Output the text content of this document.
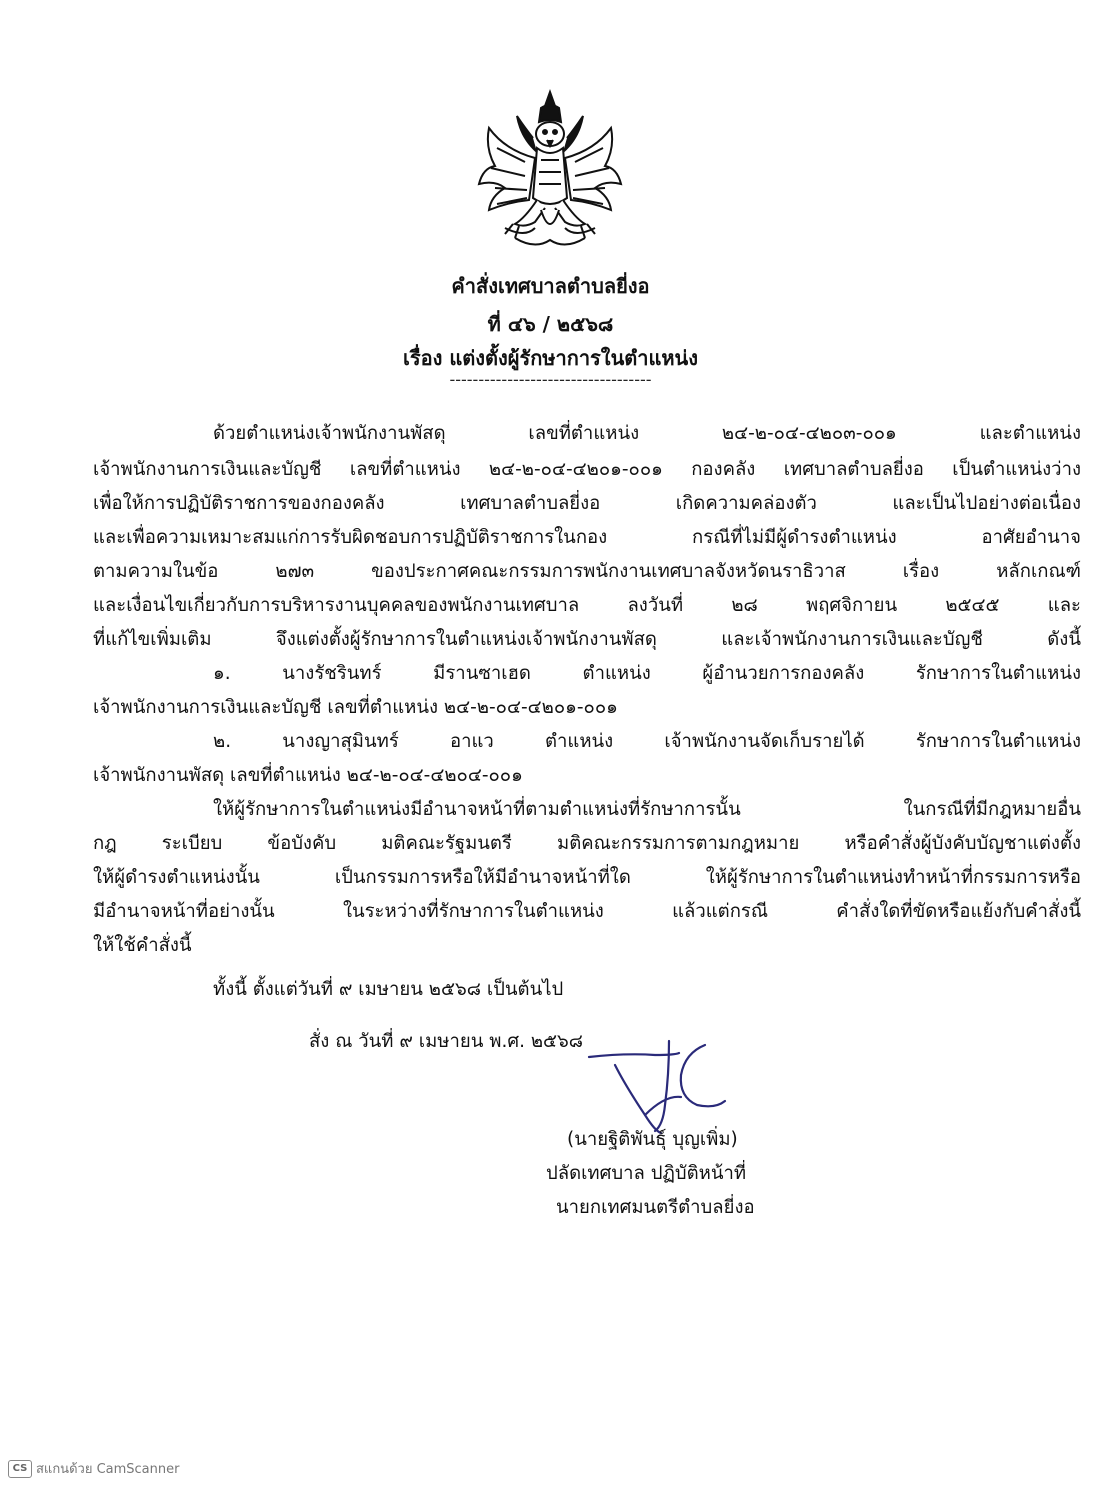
คำสั่งเทศบาลตำบลยี่งอ
ที่ ๔๖ / ๒๕๖๘
เรื่อง แต่งตั้งผู้รักษาการในตำแหน่ง
-----------------------------------
ด้วยตำแหน่งเจ้าพนักงานพัสดุ เลขที่ตำแหน่ง ๒๔-๒-๐๔-๔๒๐๓-๐๐๑ และตำแหน่ง
เจ้าพนักงานการเงินและบัญชี เลขที่ตำแหน่ง ๒๔-๒-๐๔-๔๒๐๑-๐๐๑ กองคลัง เทศบาลตำบลยี่งอ เป็นตำแหน่งว่าง
เพื่อให้การปฏิบัติราชการของกองคลัง เทศบาลตำบลยี่งอ เกิดความคล่องตัว และเป็นไปอย่างต่อเนื่อง
และเพื่อความเหมาะสมแก่การรับผิดชอบการปฏิบัติราชการในกอง กรณีที่ไม่มีผู้ดำรงตำแหน่ง อาศัยอำนาจ
ตามความในข้อ ๒๗๓ ของประกาศคณะกรรมการพนักงานเทศบาลจังหวัดนราธิวาส เรื่อง หลักเกณฑ์
และเงื่อนไขเกี่ยวกับการบริหารงานบุคคลของพนักงานเทศบาล ลงวันที่ ๒๘ พฤศจิกายน ๒๕๔๕ และ
ที่แก้ไขเพิ่มเติม จึงแต่งตั้งผู้รักษาการในตำแหน่งเจ้าพนักงานพัสดุ และเจ้าพนักงานการเงินและบัญชี ดังนี้
๑. นางรัชรินทร์ มีรานซาเฮด ตำแหน่ง ผู้อำนวยการกองคลัง รักษาการในตำแหน่ง
เจ้าพนักงานการเงินและบัญชี เลขที่ตำแหน่ง ๒๔-๒-๐๔-๔๒๐๑-๐๐๑
๒. นางญาสุมินทร์ อาแว ตำแหน่ง เจ้าพนักงานจัดเก็บรายได้ รักษาการในตำแหน่ง
เจ้าพนักงานพัสดุ เลขที่ตำแหน่ง ๒๔-๒-๐๔-๔๒๐๔-๐๐๑
ให้ผู้รักษาการในตำแหน่งมีอำนาจหน้าที่ตามตำแหน่งที่รักษาการนั้น ในกรณีที่มีกฎหมายอื่น
กฎ ระเบียบ ข้อบังคับ มติคณะรัฐมนตรี มติคณะกรรมการตามกฎหมาย หรือคำสั่งผู้บังคับบัญชาแต่งตั้ง
ให้ผู้ดำรงตำแหน่งนั้น เป็นกรรมการหรือให้มีอำนาจหน้าที่ใด ให้ผู้รักษาการในตำแหน่งทำหน้าที่กรรมการหรือ
มีอำนาจหน้าที่อย่างนั้น ในระหว่างที่รักษาการในตำแหน่ง แล้วแต่กรณี คำสั่งใดที่ขัดหรือแย้งกับคำสั่งนี้
ให้ใช้คำสั่งนี้
ทั้งนี้ ตั้งแต่วันที่ ๙ เมษายน ๒๕๖๘ เป็นต้นไป
สั่ง ณ วันที่ ๙ เมษายน พ.ศ. ๒๕๖๘
(นายฐิติพันธุ์ บุญเพิ่ม)
ปลัดเทศบาล ปฏิบัติหน้าที่
นายกเทศมนตรีตำบลยี่งอ
CS สแกนด้วย CamScanner
